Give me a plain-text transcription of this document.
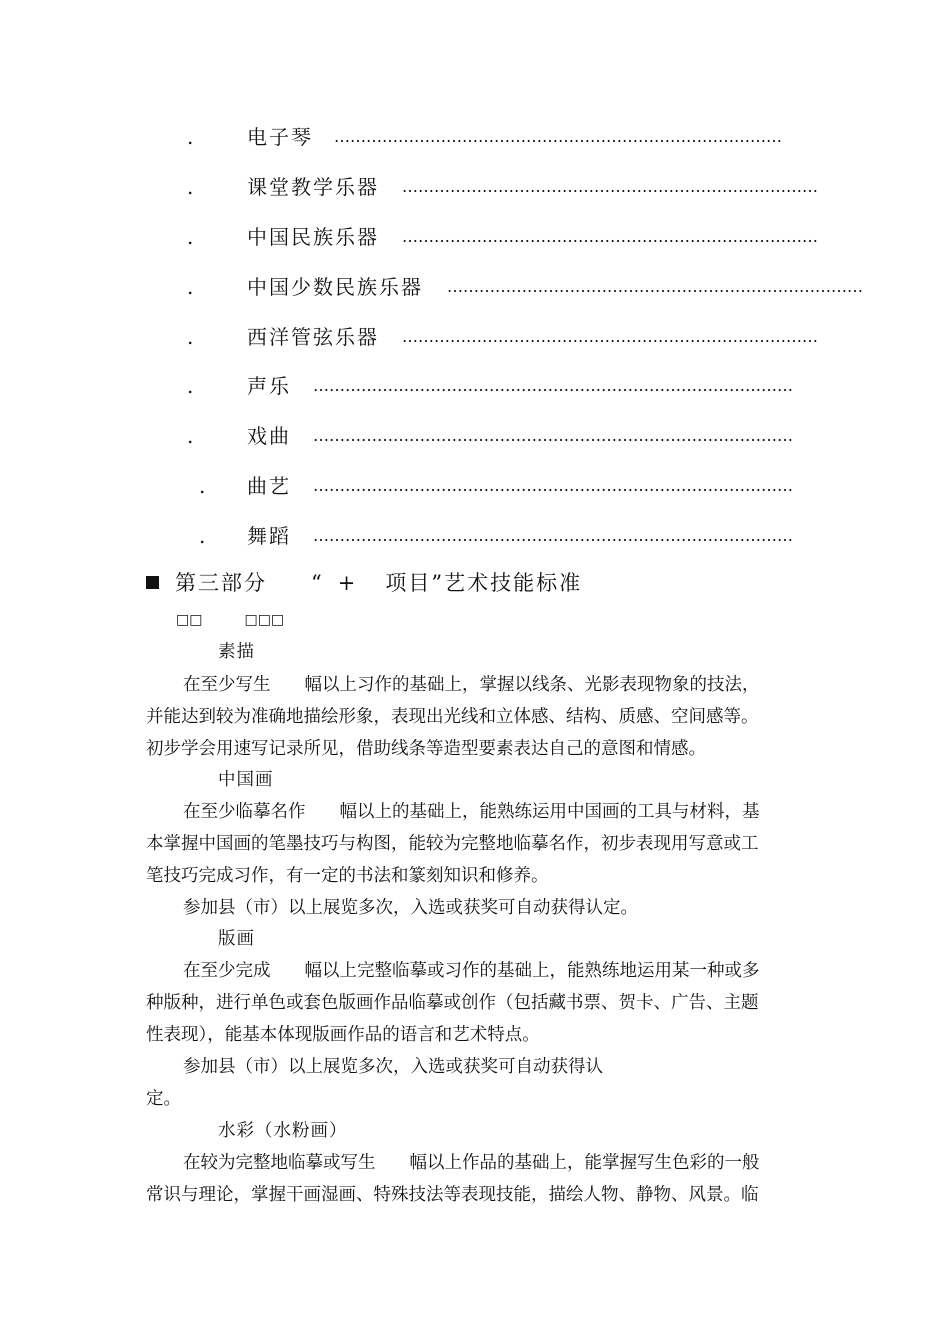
.	电子琴 …………………………………………………………………………
.	课堂教学乐器 ……………………………………………………………………
.	中国民族乐器 ……………………………………………………………………
.	中国少数民族乐器 ……………………………………………………………………
.	西洋管弦乐器 ……………………………………………………………………
.	声乐 ………………………………………………………………………………
.	戏曲 ………………………………………………………………………………
. 曲艺 ………………………………………………………………………………
. 舞蹈 ………………………………………………………………………………
第三部分 “ + 项目”艺术技能标准
□□	□□□
素描
在至少写生 幅以上习作的基础上，掌握以线条、光影表现物象的技法，
并能达到较为准确地描绘形象，表现出光线和立体感、结构、质感、空间感等。
初步学会用速写记录所见，借助线条等造型要素表达自己的意图和情感。
中国画
在至少临摹名作 幅以上的基础上，能熟练运用中国画的工具与材料，基
本掌握中国画的笔墨技巧与构图，能较为完整地临摹名作，初步表现用写意或工
笔技巧完成习作，有一定的书法和篆刻知识和修养。
参加县（市）以上展览多次，入选或获奖可自动获得认定。
版画
在至少完成 幅以上完整临摹或习作的基础上，能熟练地运用某一种或多
种版种，进行单色或套色版画作品临摹或创作（包括藏书票、贺卡、广告、主题
性表现），能基本体现版画作品的语言和艺术特点。
参加县（市）以上展览多次，入选或获奖可自动获得认
定。
水彩（水粉画）
在较为完整地临摹或写生 幅以上作品的基础上，能掌握写生色彩的一般
常识与理论，掌握干画湿画、特殊技法等表现技能，描绘人物、静物、风景。临
